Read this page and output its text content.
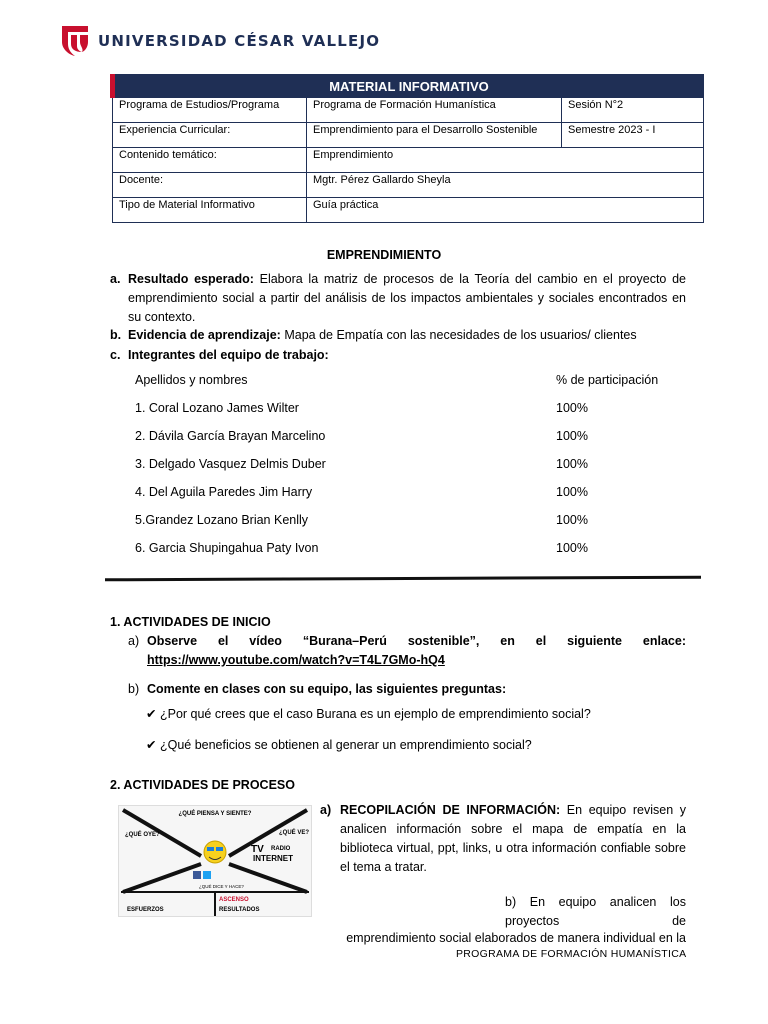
UNIVERSIDAD CÉSAR VALLEJO
MATERIAL INFORMATIVO		
Programa de Estudios/Programa	Programa de Formación Humanística	Sesión N°2
Experiencia Curricular:	Emprendimiento para el Desarrollo Sostenible	Semestre 2023 - I
Contenido temático:	Emprendimiento	
Docente:	Mgtr. Pérez Gallardo Sheyla	
Tipo de Material Informativo	Guía práctica	
EMPRENDIMIENTO
a. Resultado esperado: Elabora la matriz de procesos de la Teoría del cambio en el proyecto de emprendimiento social a partir del análisis de los impactos ambientales y sociales encontrados en su contexto.
b. Evidencia de aprendizaje: Mapa de Empatía con las necesidades de los usuarios/ clientes
c. Integrantes del equipo de trabajo:
Apellidos y nombres	% de participación
1. Coral Lozano James Wilter	100%
2. Dávila García Brayan Marcelino	100%
3. Delgado Vasquez Delmis Duber	100%
4. Del Aguila Paredes Jim Harry	100%
5.Grandez Lozano Brian Kenlly	100%
6. Garcia Shupingahua Paty Ivon	100%
1. ACTIVIDADES DE INICIO
a) Observe el vídeo “Burana–Perú sostenible”, en el siguiente enlace:
https://www.youtube.com/watch?v=T4L7GMo-hQ4
b) Comente en clases con su equipo, las siguientes preguntas:
✔ ¿Por qué crees que el caso Burana es un ejemplo de emprendimiento social?
✔ ¿Qué beneficios se obtienen al generar un emprendimiento social?
2. ACTIVIDADES DE PROCESO
¿QUÉ PIENSA Y SIENTE?
¿QUÉ OYE?	¿QUÉ VE?
TV RADIO
INTERNET
¿QUÉ DICE Y HACE?
ESFUERZOS
ASCENSO
RESULTADOS
a) RECOPILACIÓN DE INFORMACIÓN: En equipo revisen y analicen información sobre el mapa de empatía en la biblioteca virtual, ppt, links, u otra información confiable sobre el tema a tratar.
b) En equipo analicen los
proyectos	de
emprendimiento social elaborados de manera individual en la
PROGRAMA DE FORMACIÓN HUMANÍSTICA
